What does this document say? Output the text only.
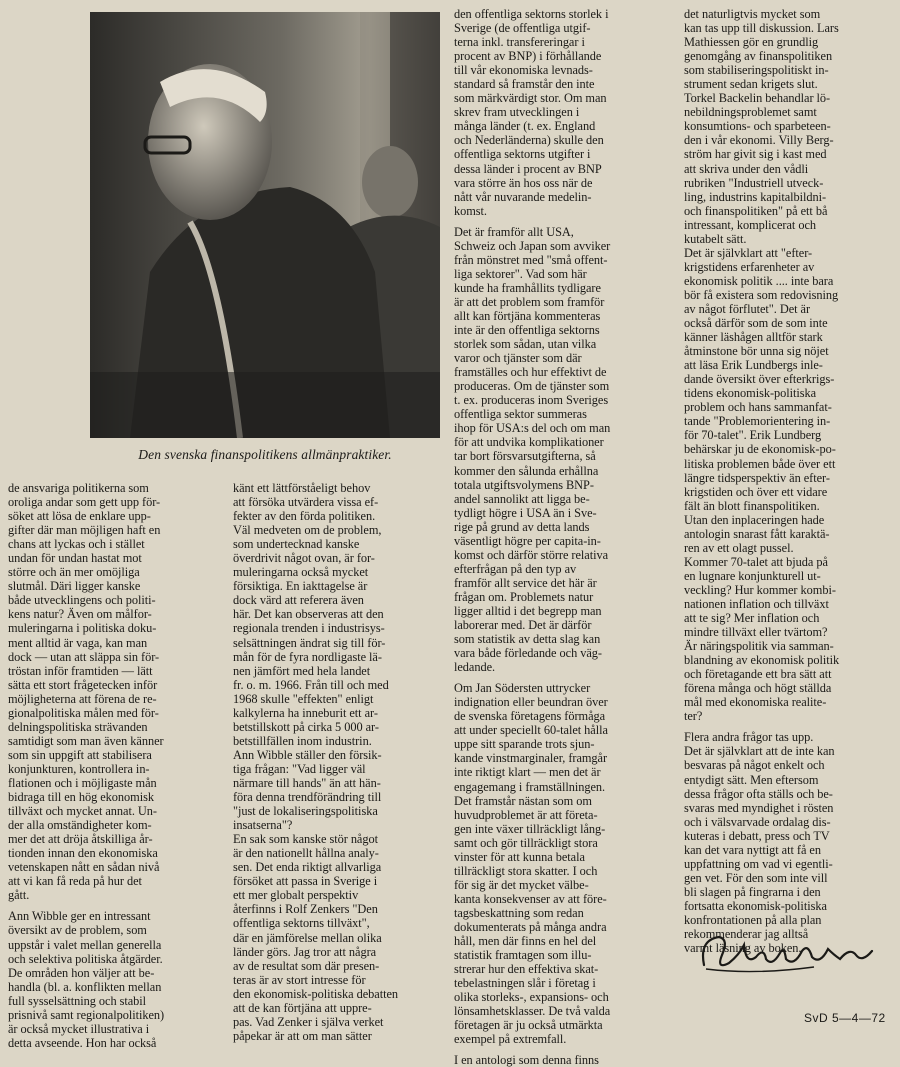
Den svenska finanspolitikens allmänpraktiker.
de ansvariga politikerna som
oroliga andar som gett upp för-
söket att lösa de enklare upp-
gifter där man möjligen haft en
chans att lyckas och i stället
undan för undan hastat mot
större och än mer omöjliga
slutmål. Däri ligger kanske
både utvecklingens och politi-
kens natur? Även om målfor-
muleringarna i politiska doku-
ment alltid är vaga, kan man
dock — utan att släppa sin för-
tröstan inför framtiden — lätt
sätta ett stort frågetecken inför
möjligheterna att förena de re-
gionalpolitiska målen med för-
delningspolitiska strävanden
samtidigt som man även känner
som sin uppgift att stabilisera
konjunkturen, kontrollera in-
flationen och i möjligaste mån
bidraga till en hög ekonomisk
tillväxt och mycket annat. Un-
der alla omständigheter kom-
mer det att dröja åtskilliga år-
tionden innan den ekonomiska
vetenskapen nått en sådan nivå
att vi kan få reda på hur det
gått.
Ann Wibble ger en intressant
översikt av de problem, som
uppstår i valet mellan generella
och selektiva politiska åtgärder.
De områden hon väljer att be-
handla (bl. a. konflikten mellan
full sysselsättning och stabil
prisnivå samt regionalpolitiken)
är också mycket illustrativa i
detta avseende. Hon har också
känt ett lättförståeligt behov
att försöka utvärdera vissa ef-
fekter av den förda politiken.
Väl medveten om de problem,
som undertecknad kanske
överdrivit något ovan, är for-
muleringarna också mycket
försiktiga. En iakttagelse är
dock värd att referera även
här. Det kan observeras att den
regionala trenden i industrisys-
selsättningen ändrat sig till för-
mån för de fyra nordligaste lä-
nen jämfört med hela landet
fr. o. m. 1966. Från till och med
1968 skulle "effekten" enligt
kalkylerna ha inneburit ett ar-
betstillskott på cirka 5 000 ar-
betstillfällen inom industrin.
Ann Wibble ställer den försik-
tiga frågan: "Vad ligger väl
närmare till hands" än att hän-
föra denna trendförändring till
"just de lokaliseringspolitiska
insatserna"?
En sak som kanske stör något
är den nationellt hållna analy-
sen. Det enda riktigt allvarliga
försöket att passa in Sverige i
ett mer globalt perspektiv
återfinns i Rolf Zenkers "Den
offentliga sektorns tillväxt",
där en jämförelse mellan olika
länder görs. Jag tror att några
av de resultat som där presen-
teras är av stort intresse för
den ekonomisk-politiska debatten
att de kan förtjäna att uppre-
pas. Vad Zenker i själva verket
påpekar är att om man sätter
den offentliga sektorns storlek i
Sverige (de offentliga utgif-
terna inkl. transfereringar i
procent av BNP) i förhållande
till vår ekonomiska levnads-
standard så framstår den inte
som märkvärdigt stor. Om man
skrev fram utvecklingen i
många länder (t. ex. England
och Nederländerna) skulle den
offentliga sektorns utgifter i
dessa länder i procent av BNP
vara större än hos oss när de
nått vår nuvarande medelin-
komst.
Det är framför allt USA,
Schweiz och Japan som avviker
från mönstret med "små offent-
liga sektorer". Vad som här
kunde ha framhållits tydligare
är att det problem som framför
allt kan förtjäna kommenteras
inte är den offentliga sektorns
storlek som sådan, utan vilka
varor och tjänster som där
framställes och hur effektivt de
produceras. Om de tjänster som
t. ex. produceras inom Sveriges
offentliga sektor summeras
ihop för USA:s del och om man
för att undvika komplikationer
tar bort försvarsutgifterna, så
kommer den sålunda erhållna
totala utgiftsvolymens BNP-
andel sannolikt att ligga be-
tydligt högre i USA än i Sve-
rige på grund av detta lands
väsentligt högre per capita-in-
komst och därför större relativa
efterfrågan på den typ av
framför allt service det här är
frågan om. Problemets natur
ligger alltid i det begrepp man
laborerar med. Det är därför
som statistik av detta slag kan
vara både förledande och väg-
ledande.
Om Jan Södersten uttrycker
indignation eller beundran över
de svenska företagens förmåga
att under speciellt 60-talet hålla
uppe sitt sparande trots sjun-
kande vinstmarginaler, framgår
inte riktigt klart — men det är
engagemang i framställningen.
Det framstår nästan som om
huvudproblemet är att företa-
gen inte växer tillräckligt lång-
samt och gör tillräckligt stora
vinster för att kunna betala
tillräckligt stora skatter. I och
för sig är det mycket välbe-
kanta konsekvenser av att före-
tagsbeskattning som redan
dokumenterats på många andra
håll, men där finns en hel del
statistik framtagen som illu-
strerar hur den effektiva skat-
tebelastningen slår i företag i
olika storleks-, expansions- och
lönsamhetsklasser. De två valda
företagen är ju också utmärkta
exempel på extremfall.
I en antologi som denna finns
det naturligtvis mycket som
kan tas upp till diskussion. Lars
Mathiessen gör en grundlig
genomgång av finanspolitiken
som stabiliseringspolitiskt in-
strument sedan krigets slut.
Torkel Backelin behandlar lö-
nebildningsproblemet samt
konsumtions- och sparbeteen-
den i vår ekonomi. Villy Berg-
ström har givit sig i kast med
att skriva under den vådli
rubriken "Industriell utveck-
ling, industrins kapitalbildni-
och finanspolitiken" på ett bå
intressant, komplicerat och
kutabelt sätt.
Det är självklart att "efter-
krigstidens erfarenheter av
ekonomisk politik .... inte bara
bör få existera som redovisning
av något förflutet". Det är
också därför som de som inte
känner läshågen alltför stark
åtminstone bör unna sig nöjet
att läsa Erik Lundbergs inle-
dande översikt över efterkrigs-
tidens ekonomisk-politiska
problem och hans sammanfat-
tande "Problemorientering in-
för 70-talet". Erik Lundberg
behärskar ju de ekonomisk-po-
litiska problemen både över ett
längre tidsperspektiv än efter-
krigstiden och över ett vidare
fält än blott finanspolitiken.
Utan den inplaceringen hade
antologin snarast fått karaktä-
ren av ett olagt pussel.
Kommer 70-talet att bjuda på
en lugnare konjunkturell ut-
veckling? Hur kommer kombi-
nationen inflation och tillväxt
att te sig? Mer inflation och
mindre tillväxt eller tvärtom?
Är näringspolitik via samman-
blandning av ekonomisk politik
och företagande ett bra sätt att
förena många och högt ställda
mål med ekonomiska realite-
ter?
Flera andra frågor tas upp.
Det är självklart att de inte kan
besvaras på något enkelt och
entydigt sätt. Men eftersom
dessa frågor ofta ställs och be-
svaras med myndighet i rösten
och i välsvarvade ordalag dis-
kuteras i debatt, press och TV
kan det vara nyttigt att få en
uppfattning om vad vi egentli-
gen vet. För den som inte vill
bli slagen på fingrarna i den
fortsatta ekonomisk-politiska
konfrontationen på alla plan
rekommenderar jag alltså
varmt läsning av boken.
SvD 5—4—72
